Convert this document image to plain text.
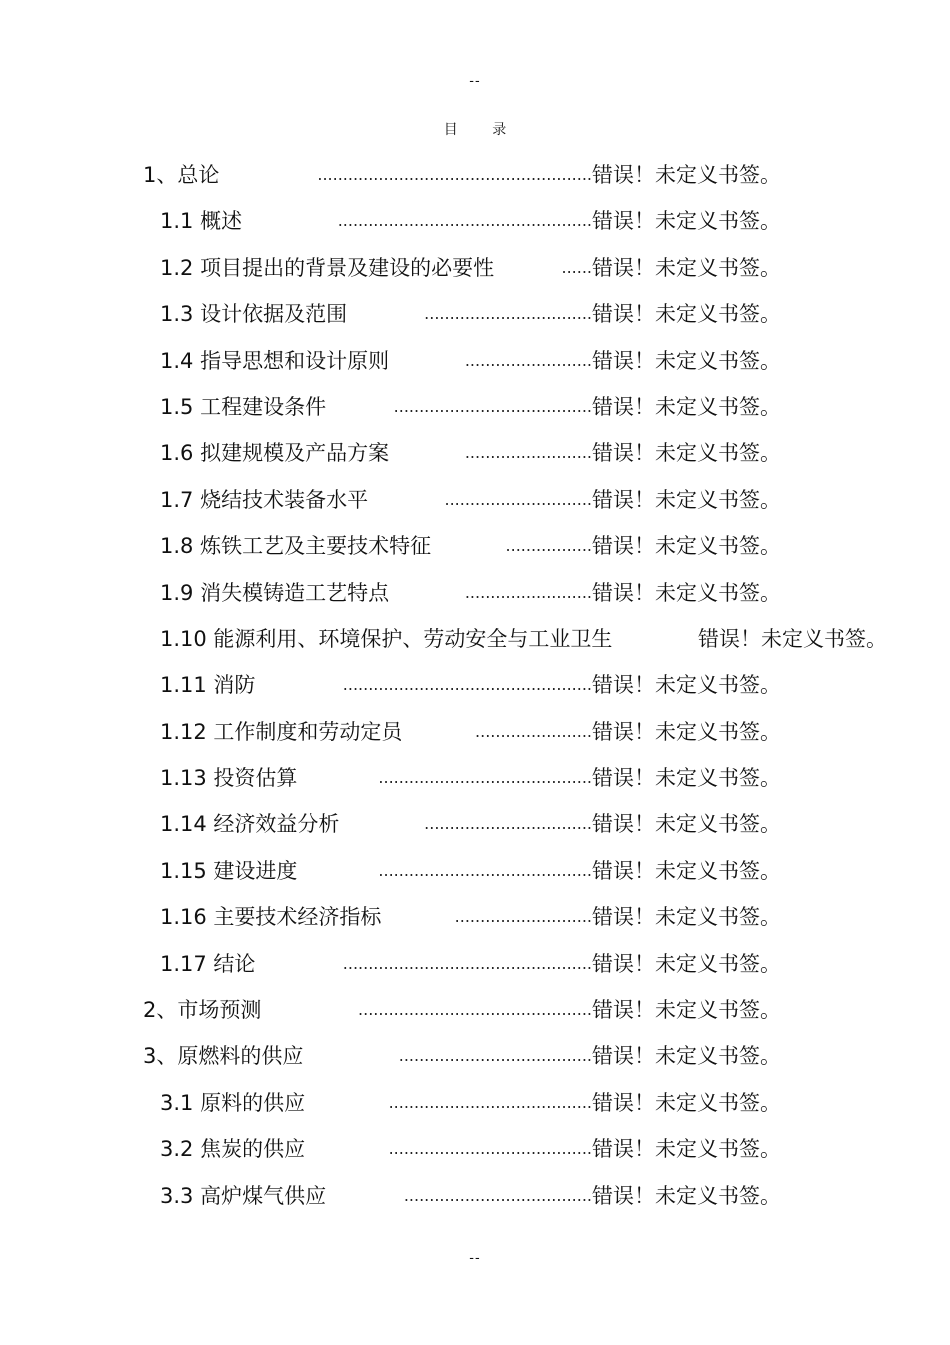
--
目 录
1、总论	...................................................... 错误！未定义书签。
1.1 概述	.................................................. 错误！未定义书签。
1.2 项目提出的背景及建设的必要性	...... 错误！未定义书签。
1.3 设计依据及范围	................................. 错误！未定义书签。
1.4 指导思想和设计原则	......................... 错误！未定义书签。
1.5 工程建设条件	....................................... 错误！未定义书签。
1.6 拟建规模及产品方案	......................... 错误！未定义书签。
1.7 烧结技术装备水平	............................. 错误！未定义书签。
1.8 炼铁工艺及主要技术特征	................. 错误！未定义书签。
1.9 消失模铸造工艺特点	......................... 错误！未定义书签。
1.10 能源利用、环境保护、劳动安全与工业卫生	错误！未定义书签。
1.11 消防	................................................. 错误！未定义书签。
1.12 工作制度和劳动定员	....................... 错误！未定义书签。
1.13 投资估算	.......................................... 错误！未定义书签。
1.14 经济效益分析	................................. 错误！未定义书签。
1.15 建设进度	.......................................... 错误！未定义书签。
1.16 主要技术经济指标	........................... 错误！未定义书签。
1.17 结论	................................................. 错误！未定义书签。
2、市场预测	.............................................. 错误！未定义书签。
3、原燃料的供应	...................................... 错误！未定义书签。
3.1 原料的供应	........................................ 错误！未定义书签。
3.2 焦炭的供应	........................................ 错误！未定义书签。
3.3 高炉煤气供应	..................................... 错误！未定义书签。
--
